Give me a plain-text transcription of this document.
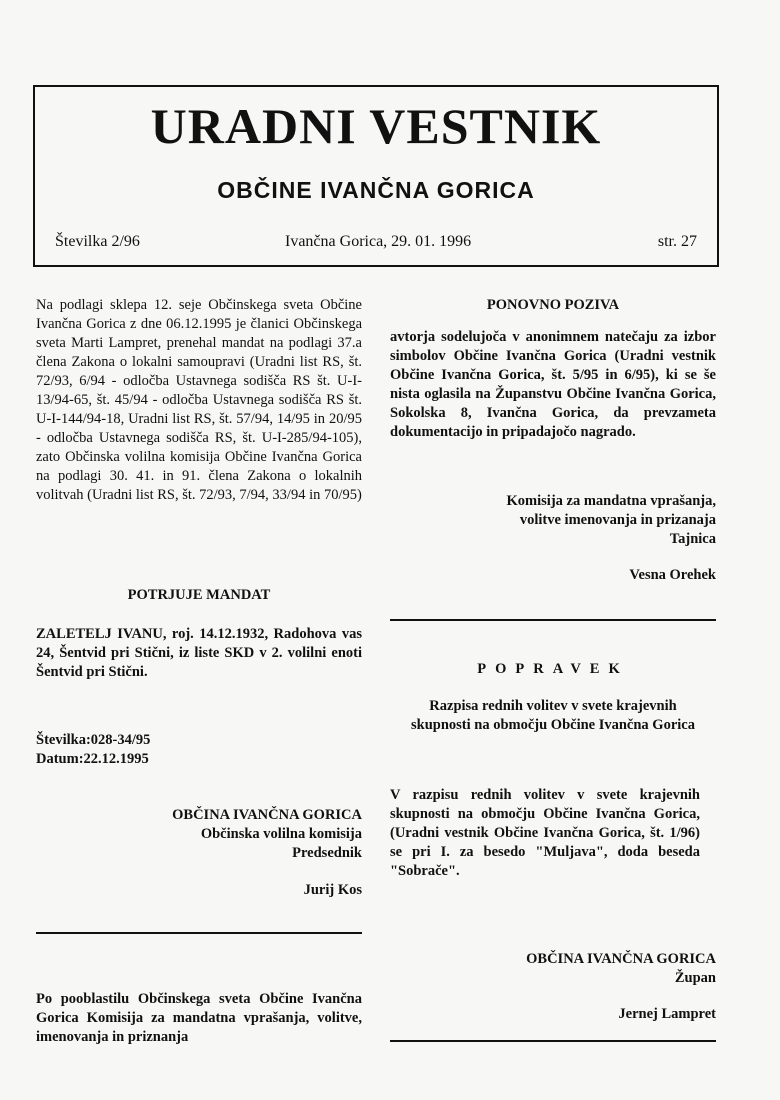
URADNI VESTNIK
OBČINE IVANČNA GORICA
Številka 2/96	Ivančna Gorica, 29. 01. 1996	str. 27

Na podlagi sklepa 12. seje Občinskega sveta Občine Ivančna Gorica z dne 06.12.1995 je članici Občinskega sveta Marti Lampret, prenehal mandat na podlagi 37.a člena Zakona o lokalni samoupravi (Uradni list RS, št. 72/93, 6/94 - odločba Ustavnega sodišča RS št. U-I-13/94-65, št. 45/94 - odločba Ustavnega sodišča RS št. U-I-144/94-18, Uradni list RS, št. 57/94, 14/95 in 20/95 - odločba Ustavnega sodišča RS, št. U-I-285/94-105), zato Občinska volilna komisija Občine Ivančna Gorica na podlagi 30. 41. in 91. člena Zakona o lokalnih volitvah (Uradni list RS, št. 72/93, 7/94, 33/94 in 70/95)

POTRJUJE MANDAT

ZALETELJ IVANU, roj. 14.12.1932, Radohova vas 24, Šentvid pri Stični, iz liste SKD v 2. volilni enoti Šentvid pri Stični.

Številka:028-34/95
Datum:22.12.1995
OBČINA IVANČNA GORICA
Občinska volilna komisija
Predsednik
Jurij Kos

Po pooblastilu Občinskega sveta Občine Ivančna Gorica Komisija za mandatna vprašanja, volitve, imenovanja in priznanja

PONOVNO POZIVA

avtorja sodelujoča v anonimnem natečaju za izbor simbolov Občine Ivančna Gorica (Uradni vestnik Občine Ivančna Gorica, št. 5/95 in 6/95), ki se še nista oglasila na Županstvu Občine Ivančna Gorica, Sokolska 8, Ivančna Gorica, da prevzameta dokumentacijo in pripadajočo nagrado.

Komisija za mandatna vprašanja,
volitve imenovanja in prizanaja
Tajnica
Vesna Orehek
POPRAVEK

Razpisa rednih volitev v svete krajevnih skupnosti na območju Občine Ivančna Gorica

V razpisu rednih volitev v svete krajevnih skupnosti na območju Občine Ivančna Gorica, (Uradni vestnik Občine Ivančna Gorica, št. 1/96) se pri I. za besedo "Muljava", doda beseda "Sobrače".

OBČINA IVANČNA GORICA
Župan
Jernej Lampret
